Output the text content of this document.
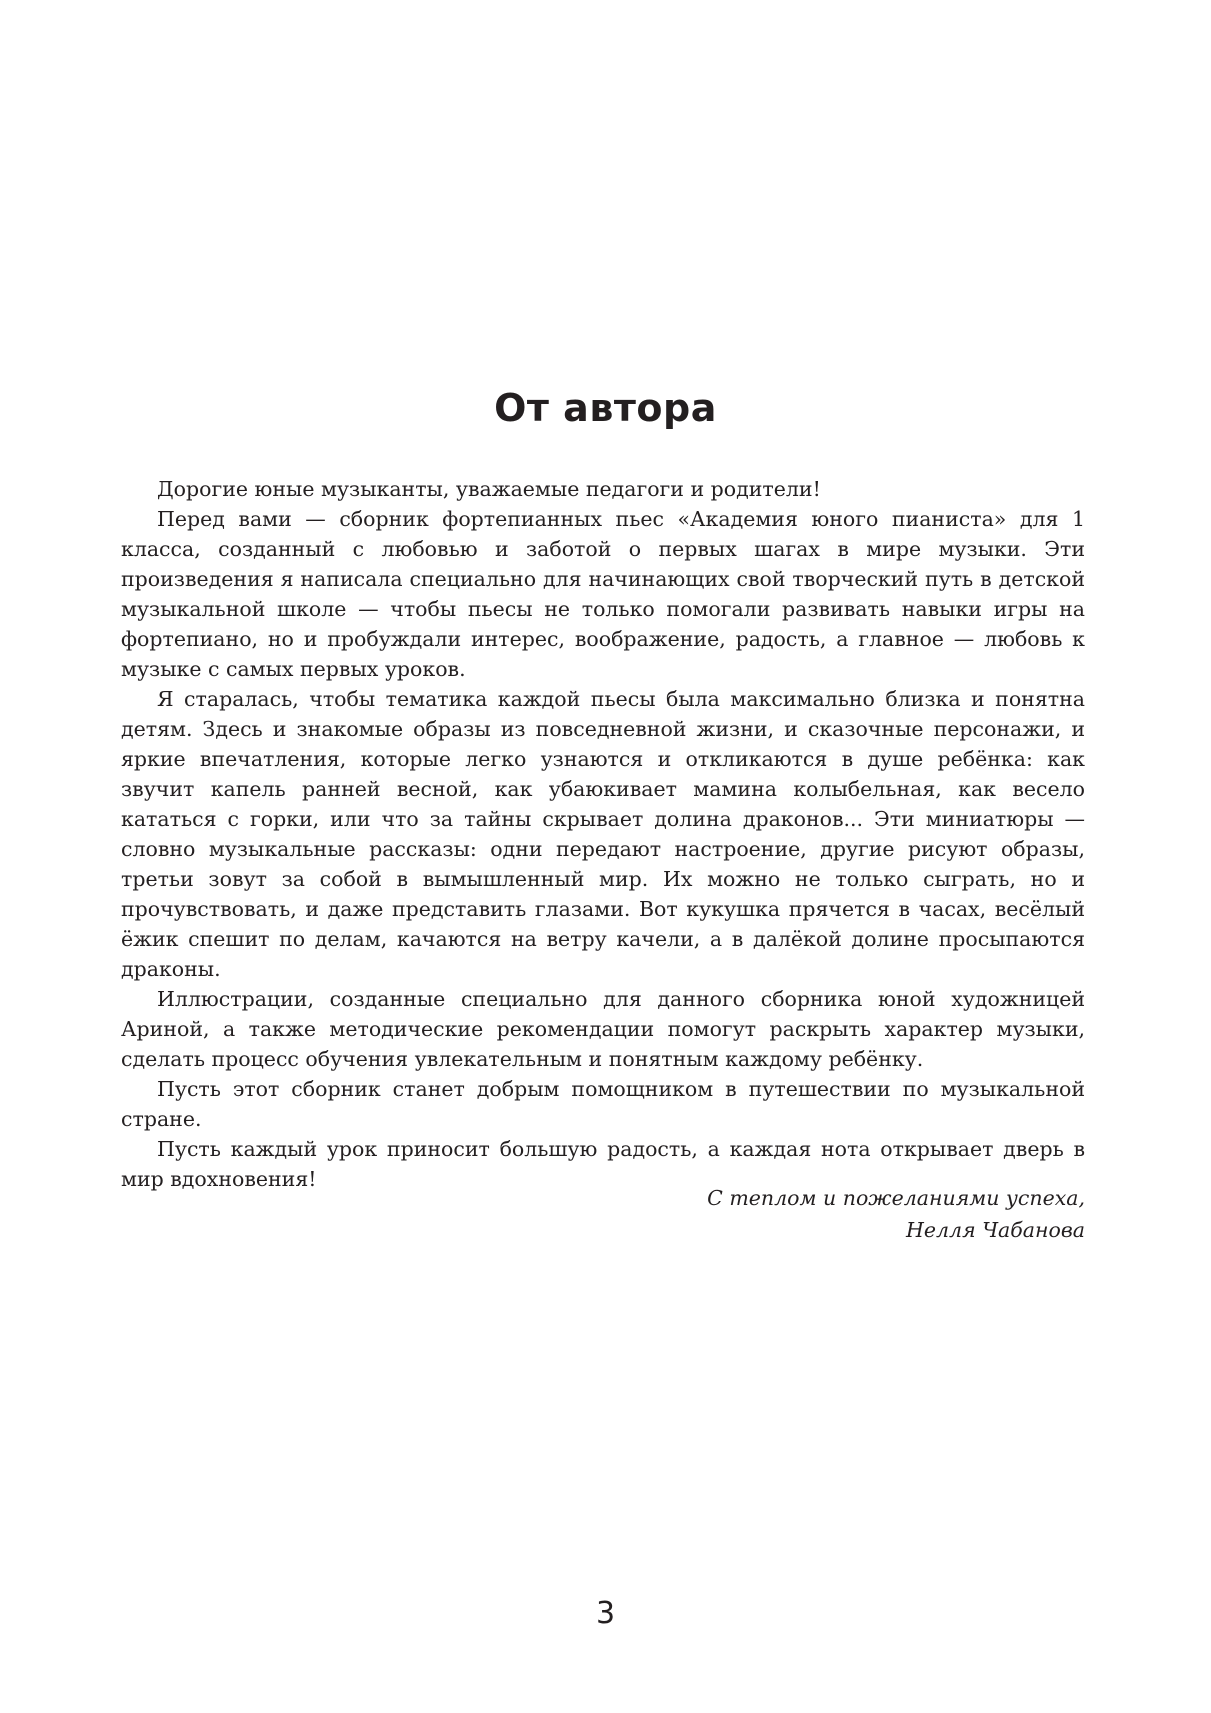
От автора

Дорогие юные музыканты, уважаемые педагоги и родители!

Перед вами — сборник фортепианных пьес «Академия юного пианиста» для 1 класса, созданный с любовью и заботой о первых шагах в мире музыки. Эти произведения я написала специально для начинающих свой творческий путь в детской музыкальной школе — чтобы пьесы не только помогали развивать навыки игры на фортепиано, но и пробуждали интерес, воображение, радость, а главное — любовь к музыке с самых первых уроков.

Я старалась, чтобы тематика каждой пьесы была максимально близка и понятна детям. Здесь и знакомые образы из повседневной жизни, и сказочные персонажи, и яркие впечатления, которые легко узнаются и откликаются в душе ребёнка: как звучит капель ранней весной, как убаюкивает мамина колыбельная, как весело кататься с горки, или что за тайны скрывает долина драконов... Эти миниатюры — словно музыкальные рассказы: одни передают настроение, другие рисуют образы, третьи зовут за собой в вымышленный мир. Их можно не только сыграть, но и прочувствовать, и даже представить глазами. Вот кукушка прячется в часах, весёлый ёжик спешит по делам, качаются на ветру качели, а в далёкой долине просыпаются драконы.

Иллюстрации, созданные специально для данного сборника юной художницей Ариной, а также методические рекомендации помогут раскрыть характер музыки, сделать процесс обучения увлекательным и понятным каждому ребёнку.

Пусть этот сборник станет добрым помощником в путешествии по музыкальной стране.

Пусть каждый урок приносит большую радость, а каждая нота открывает дверь в мир вдохновения!

С теплом и пожеланиями успеха,
Нелля Чабанова
3
